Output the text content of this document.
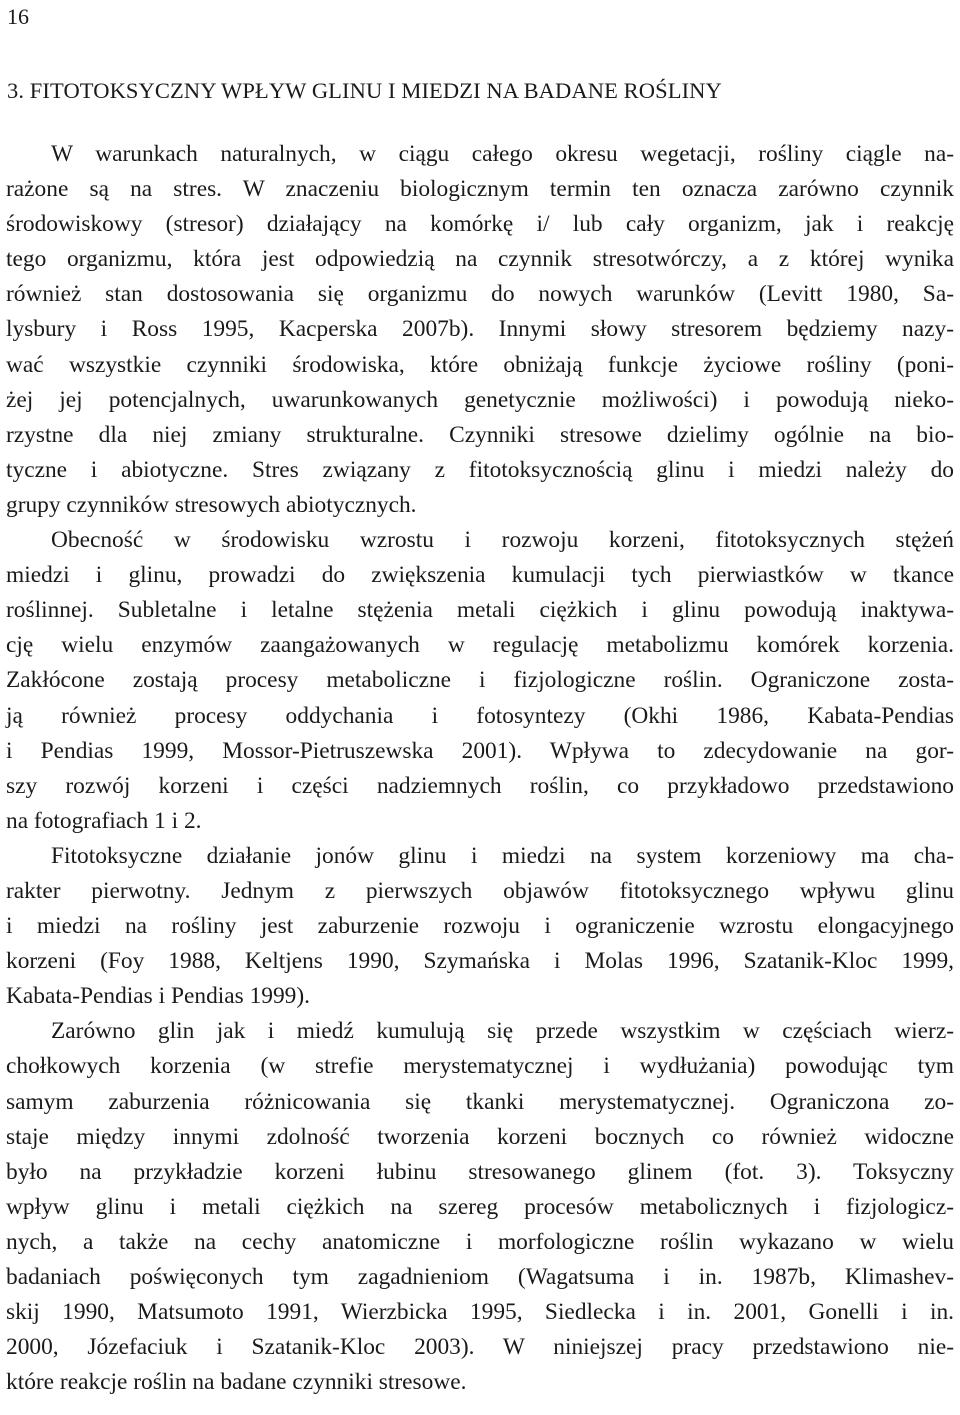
16
3. FITOTOKSYCZNY WPŁYW GLINU I MIEDZI NA BADANE ROŚLINY
W warunkach naturalnych, w ciągu całego okresu wegetacji, rośliny ciągle na-
rażone są na stres. W znaczeniu biologicznym termin ten oznacza zarówno czynnik
środowiskowy (stresor) działający na komórkę i/ lub cały organizm, jak i reakcję
tego organizmu, która jest odpowiedzią na czynnik stresotwórczy, a z której wynika
również stan dostosowania się organizmu do nowych warunków (Levitt 1980, Sa-
lysbury i Ross 1995, Kacperska 2007b). Innymi słowy stresorem będziemy nazy-
wać wszystkie czynniki środowiska, które obniżają funkcje życiowe rośliny (poni-
żej jej potencjalnych, uwarunkowanych genetycznie możliwości) i powodują nieko-
rzystne dla niej zmiany strukturalne. Czynniki stresowe dzielimy ogólnie na bio-
tyczne i abiotyczne. Stres związany z fitotoksycznością glinu i miedzi należy do
grupy czynników stresowych abiotycznych.
Obecność w środowisku wzrostu i rozwoju korzeni, fitotoksycznych stężeń
miedzi i glinu, prowadzi do zwiększenia kumulacji tych pierwiastków w tkance
roślinnej. Subletalne i letalne stężenia metali ciężkich i glinu powodują inaktywa-
cję wielu enzymów zaangażowanych w regulację metabolizmu komórek korzenia.
Zakłócone zostają procesy metaboliczne i fizjologiczne roślin. Ograniczone zosta-
ją również procesy oddychania i fotosyntezy (Okhi 1986, Kabata-Pendias
i Pendias 1999, Mossor-Pietruszewska 2001). Wpływa to zdecydowanie na gor-
szy rozwój korzeni i części nadziemnych roślin, co przykładowo przedstawiono
na fotografiach 1 i 2.
Fitotoksyczne działanie jonów glinu i miedzi na system korzeniowy ma cha-
rakter pierwotny. Jednym z pierwszych objawów fitotoksycznego wpływu glinu
i miedzi na rośliny jest zaburzenie rozwoju i ograniczenie wzrostu elongacyjnego
korzeni (Foy 1988, Keltjens 1990, Szymańska i Molas 1996, Szatanik-Kloc 1999,
Kabata-Pendias i Pendias 1999).
Zarówno glin jak i miedź kumulują się przede wszystkim w częściach wierz-
chołkowych korzenia (w strefie merystematycznej i wydłużania) powodując tym
samym zaburzenia różnicowania się tkanki merystematycznej. Ograniczona zo-
staje między innymi zdolność tworzenia korzeni bocznych co również widoczne
było na przykładzie korzeni łubinu stresowanego glinem (fot. 3). Toksyczny
wpływ glinu i metali ciężkich na szereg procesów metabolicznych i fizjologicz-
nych, a także na cechy anatomiczne i morfologiczne roślin wykazano w wielu
badaniach poświęconych tym zagadnieniom (Wagatsuma i in. 1987b, Klimashev-
skij 1990, Matsumoto 1991, Wierzbicka 1995, Siedlecka i in. 2001, Gonelli i in.
2000, Józefaciuk i Szatanik-Kloc 2003). W niniejszej pracy przedstawiono nie-
które reakcje roślin na badane czynniki stresowe.
